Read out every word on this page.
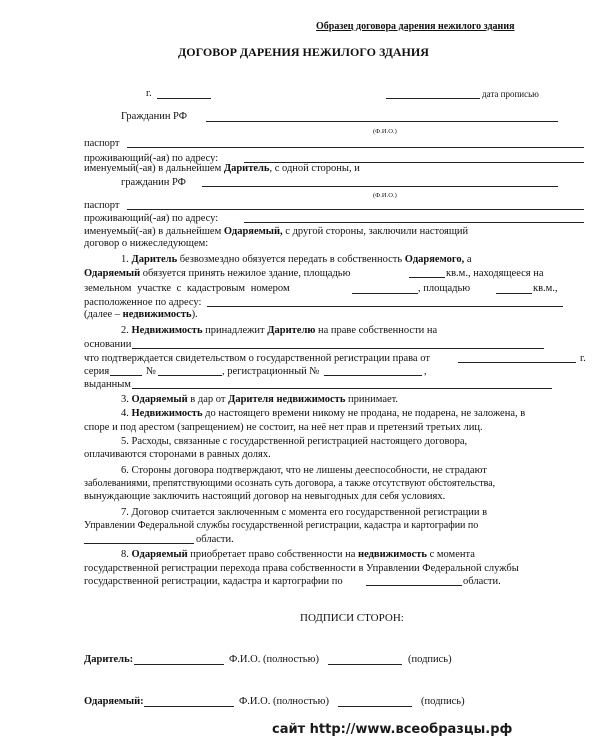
Образец договора дарения нежилого здания
ДОГОВОР ДАРЕНИЯ НЕЖИЛОГО ЗДАНИЯ
г.	дата прописью
Гражданин РФ
(Ф.И.О.)
паспорт
проживающий(-ая) по адресу:
именуемый(-ая) в дальнейшем Даритель, с одной стороны, и
гражданин РФ
(Ф.И.О.)
паспорт
проживающий(-ая) по адресу:
именуемый(-ая) в дальнейшем Одаряемый, с другой стороны, заключили настоящий
договор о нижеследующем:
1. Даритель безвозмездно обязуется передать в собственность Одаряемого, а
Одаряемый обязуется принять нежилое здание, площадью	кв.м., находящееся на
земельном участке с кадастровым номером	, площадью	кв.м.,
расположенное по адресу:
(далее – недвижимость).
2. Недвижимость принадлежит Дарителю на праве собственности на
основании
что подтверждается свидетельством о государственной регистрации права от	г.
серия	№	, регистрационный №	,
выданным
3. Одаряемый в дар от Дарителя недвижимость принимает.
4. Недвижимость до настоящего времени никому не продана, не подарена, не заложена, в
споре и под арестом (запрещением) не состоит, на неё нет прав и претензий третьих лиц.
5. Расходы, связанные с государственной регистрацией настоящего договора,
оплачиваются сторонами в равных долях.
6. Стороны договора подтверждают, что не лишены дееспособности, не страдают
заболеваниями, препятствующими осознать суть договора, а также отсутствуют обстоятельства,
вынуждающие заключить настоящий договор на невыгодных для себя условиях.
7. Договор считается заключенным с момента его государственной регистрации в
Управлении Федеральной службы государственной регистрации, кадастра и картографии по
области.
8. Одаряемый приобретает право собственности на недвижимость с момента
государственной регистрации перехода права собственности в Управлении Федеральной службы
государственной регистрации, кадастра и картографии по	области.
ПОДПИСИ СТОРОН:
Даритель:	Ф.И.О. (полностью)	(подпись)
Одаряемый:	Ф.И.О. (полностью)	(подпись)
сайт http://www.всеобразцы.рф
